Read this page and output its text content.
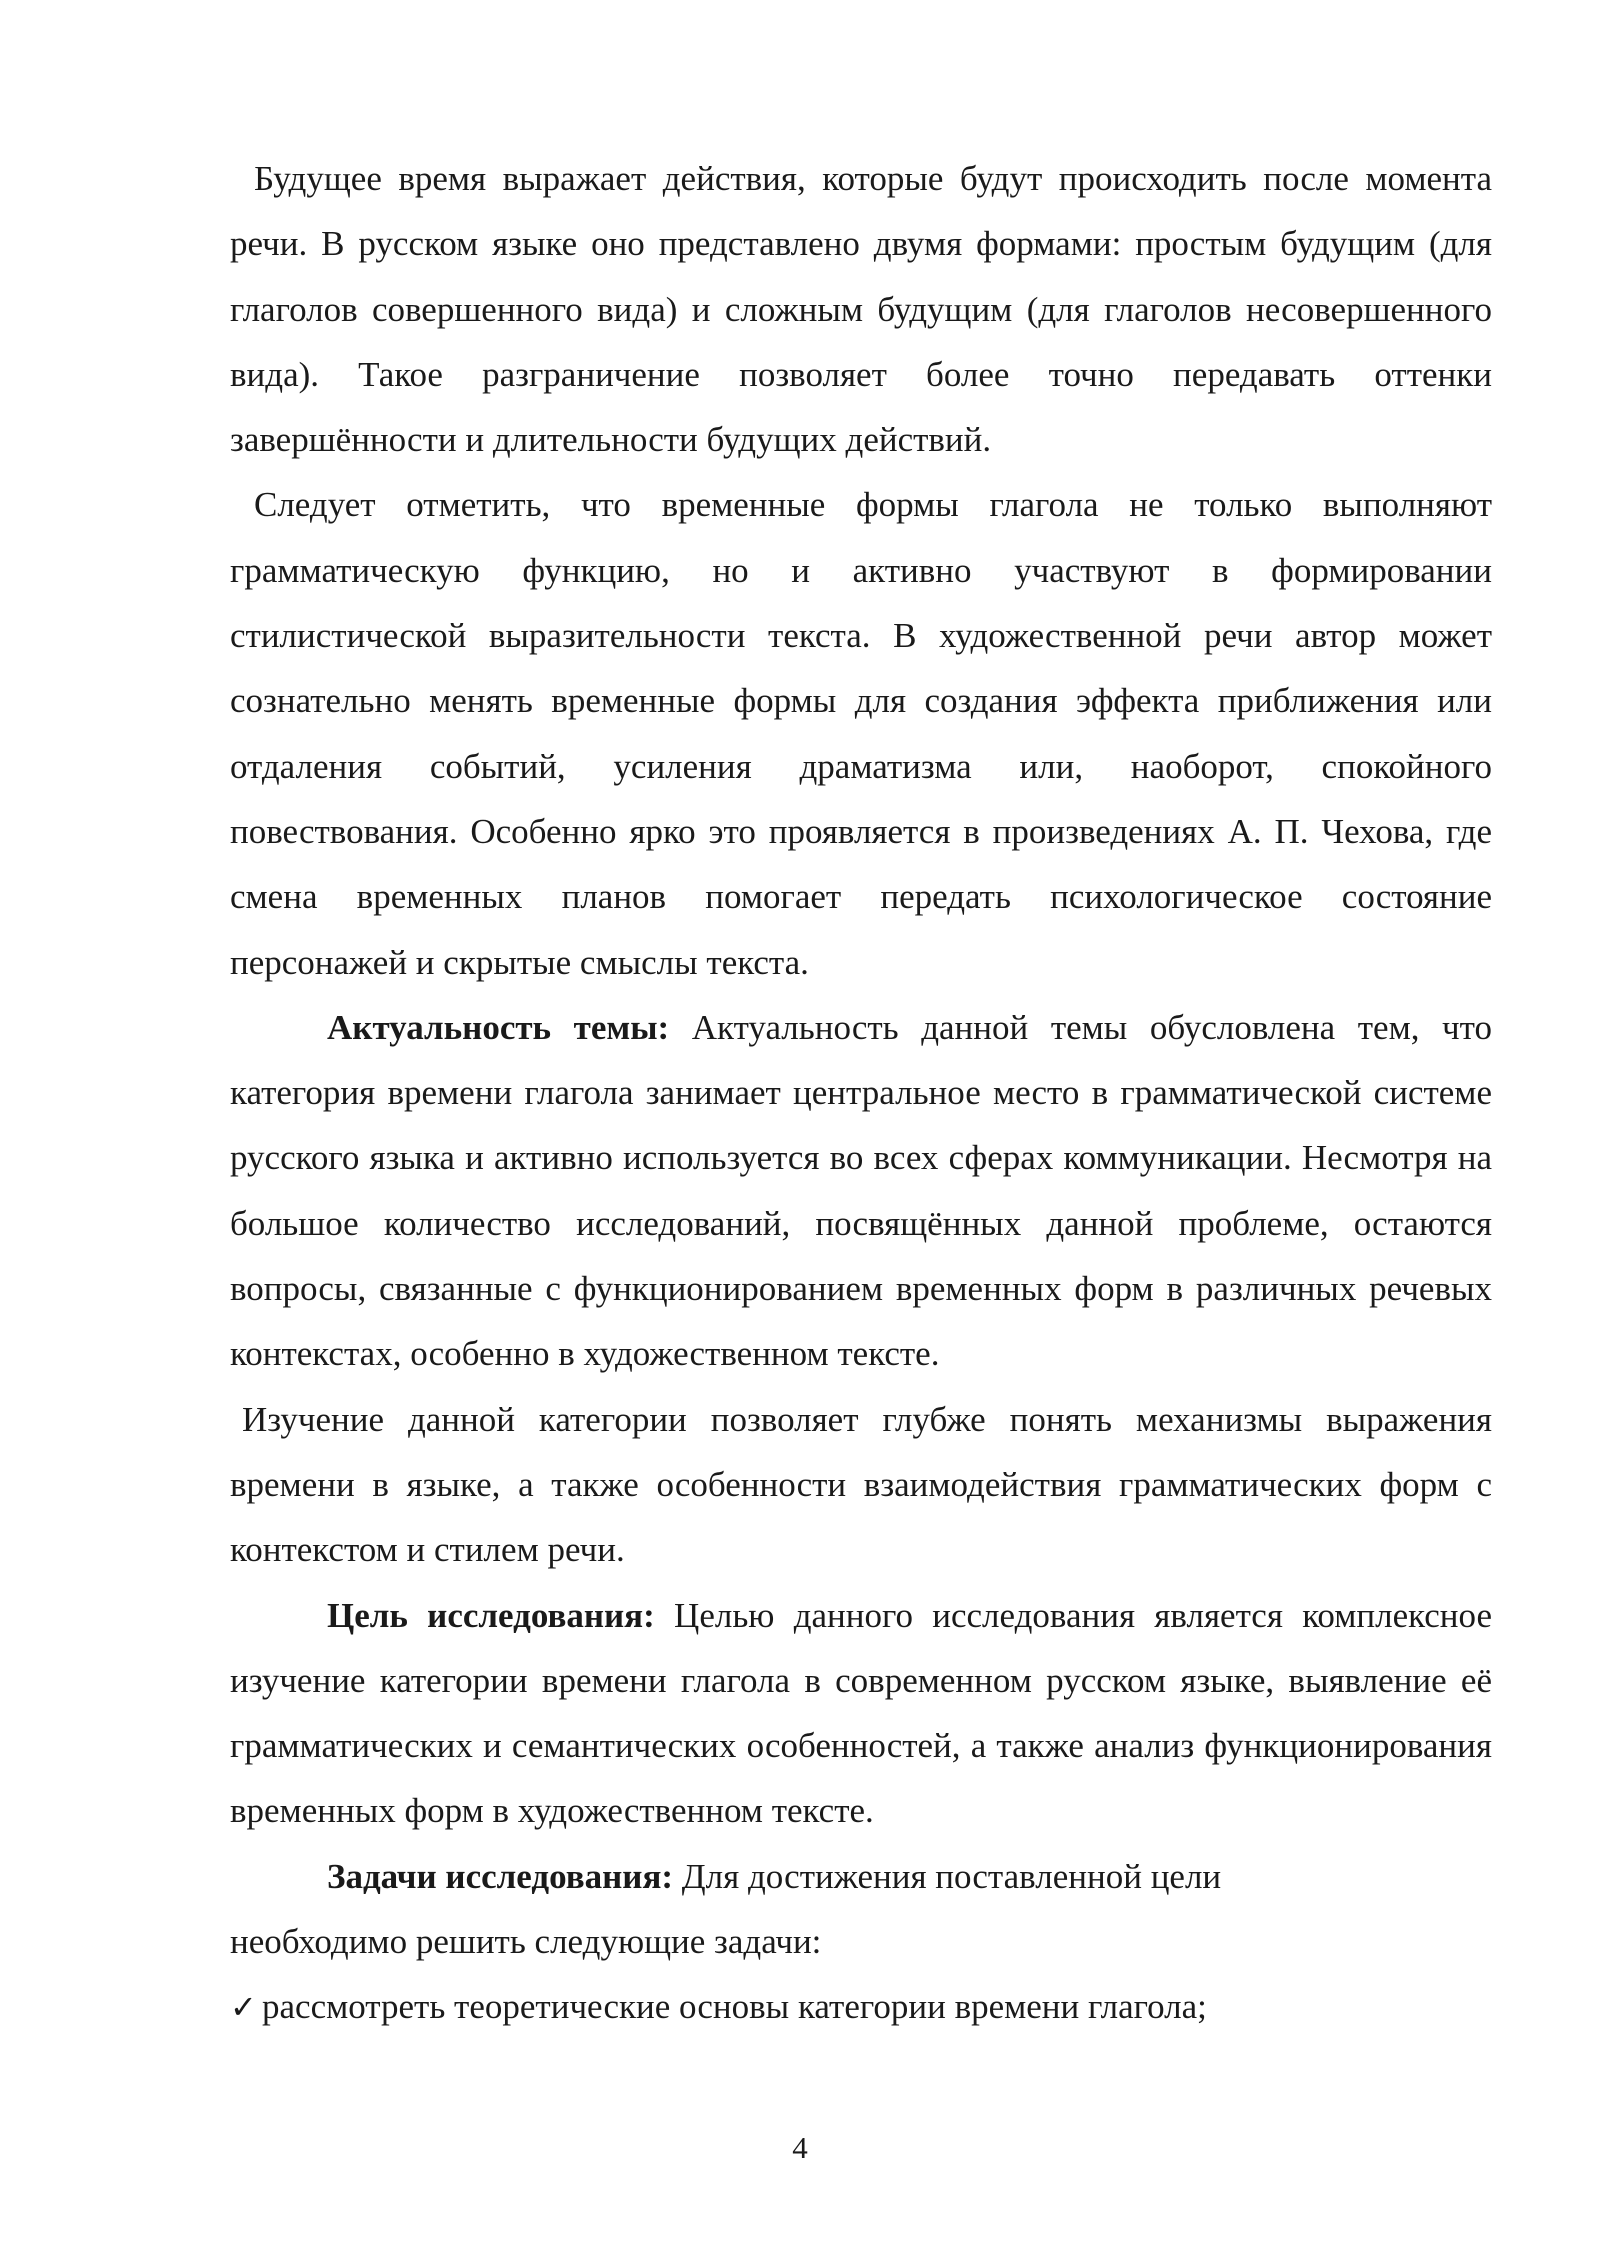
Будущее время выражает действия, которые будут происходить после момента речи. В русском языке оно представлено двумя формами: простым будущим (для глаголов совершенного вида) и сложным будущим (для глаголов несовершенного вида). Такое разграничение позволяет более точно передавать оттенки завершённости и длительности будущих действий.

Следует отметить, что временные формы глагола не только выполняют грамматическую функцию, но и активно участвуют в формировании стилистической выразительности текста. В художественной речи автор может сознательно менять временные формы для создания эффекта приближения или отдаления событий, усиления драматизма или, наоборот, спокойного повествования. Особенно ярко это проявляется в произведениях А. П. Чехова, где смена временных планов помогает передать психологическое состояние персонажей и скрытые смыслы текста.

Актуальность темы: Актуальность данной темы обусловлена тем, что категория времени глагола занимает центральное место в грамматической системе русского языка и активно используется во всех сферах коммуникации. Несмотря на большое количество исследований, посвящённых данной проблеме, остаются вопросы, связанные с функционированием временных форм в различных речевых контекстах, особенно в художественном тексте.

Изучение данной категории позволяет глубже понять механизмы выражения времени в языке, а также особенности взаимодействия грамматических форм с контекстом и стилем речи.

Цель исследования: Целью данного исследования является комплексное изучение категории времени глагола в современном русском языке, выявление её грамматических и семантических особенностей, а также анализ функционирования временных форм в художественном тексте.

Задачи исследования: Для достижения поставленной цели

необходимо решить следующие задачи:

✓ рассмотреть теоретические основы категории времени глагола;

4
